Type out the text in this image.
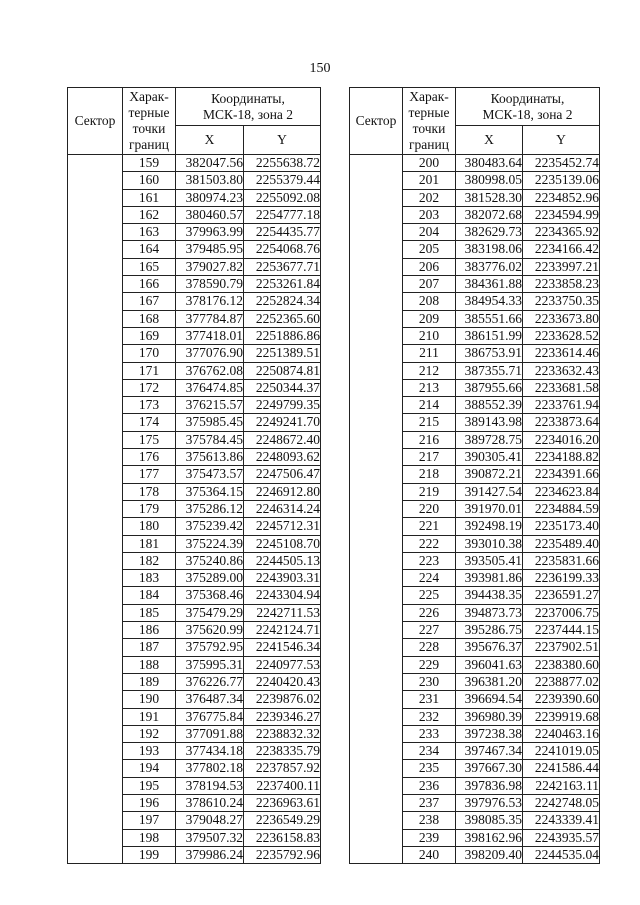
150
Сектор	Харак-
терные
точки
границ	Координаты,
МСК-18, зона 2	
		X	Y
	159	382047.56	2255638.72
	160	381503.80	2255379.44
	161	380974.23	2255092.08
	162	380460.57	2254777.18
	163	379963.99	2254435.77
	164	379485.95	2254068.76
	165	379027.82	2253677.71
	166	378590.79	2253261.84
	167	378176.12	2252824.34
	168	377784.87	2252365.60
	169	377418.01	2251886.86
	170	377076.90	2251389.51
	171	376762.08	2250874.81
	172	376474.85	2250344.37
	173	376215.57	2249799.35
	174	375985.45	2249241.70
	175	375784.45	2248672.40
	176	375613.86	2248093.62
	177	375473.57	2247506.47
	178	375364.15	2246912.80
	179	375286.12	2246314.24
	180	375239.42	2245712.31
	181	375224.39	2245108.70
	182	375240.86	2244505.13
	183	375289.00	2243903.31
	184	375368.46	2243304.94
	185	375479.29	2242711.53
	186	375620.99	2242124.71
	187	375792.95	2241546.34
	188	375995.31	2240977.53
	189	376226.77	2240420.43
	190	376487.34	2239876.02
	191	376775.84	2239346.27
	192	377091.88	2238832.32
	193	377434.18	2238335.79
	194	377802.18	2237857.92
	195	378194.53	2237400.11
	196	378610.24	2236963.61
	197	379048.27	2236549.29
	198	379507.32	2236158.83
	199	379986.24	2235792.96
Сектор	Харак-
терные
точки
границ	Координаты,
МСК-18, зона 2	
		X	Y
	200	380483.64	2235452.74
	201	380998.05	2235139.06
	202	381528.30	2234852.96
	203	382072.68	2234594.99
	204	382629.73	2234365.92
	205	383198.06	2234166.42
	206	383776.02	2233997.21
	207	384361.88	2233858.23
	208	384954.33	2233750.35
	209	385551.66	2233673.80
	210	386151.99	2233628.52
	211	386753.91	2233614.46
	212	387355.71	2233632.43
	213	387955.66	2233681.58
	214	388552.39	2233761.94
	215	389143.98	2233873.64
	216	389728.75	2234016.20
	217	390305.41	2234188.82
	218	390872.21	2234391.66
	219	391427.54	2234623.84
	220	391970.01	2234884.59
	221	392498.19	2235173.40
	222	393010.38	2235489.40
	223	393505.41	2235831.66
	224	393981.86	2236199.33
	225	394438.35	2236591.27
	226	394873.73	2237006.75
	227	395286.75	2237444.15
	228	395676.37	2237902.51
	229	396041.63	2238380.60
	230	396381.20	2238877.02
	231	396694.54	2239390.60
	232	396980.39	2239919.68
	233	397238.38	2240463.16
	234	397467.34	2241019.05
	235	397667.30	2241586.44
	236	397836.98	2242163.11
	237	397976.53	2242748.05
	238	398085.35	2243339.41
	239	398162.96	2243935.57
	240	398209.40	2244535.04
